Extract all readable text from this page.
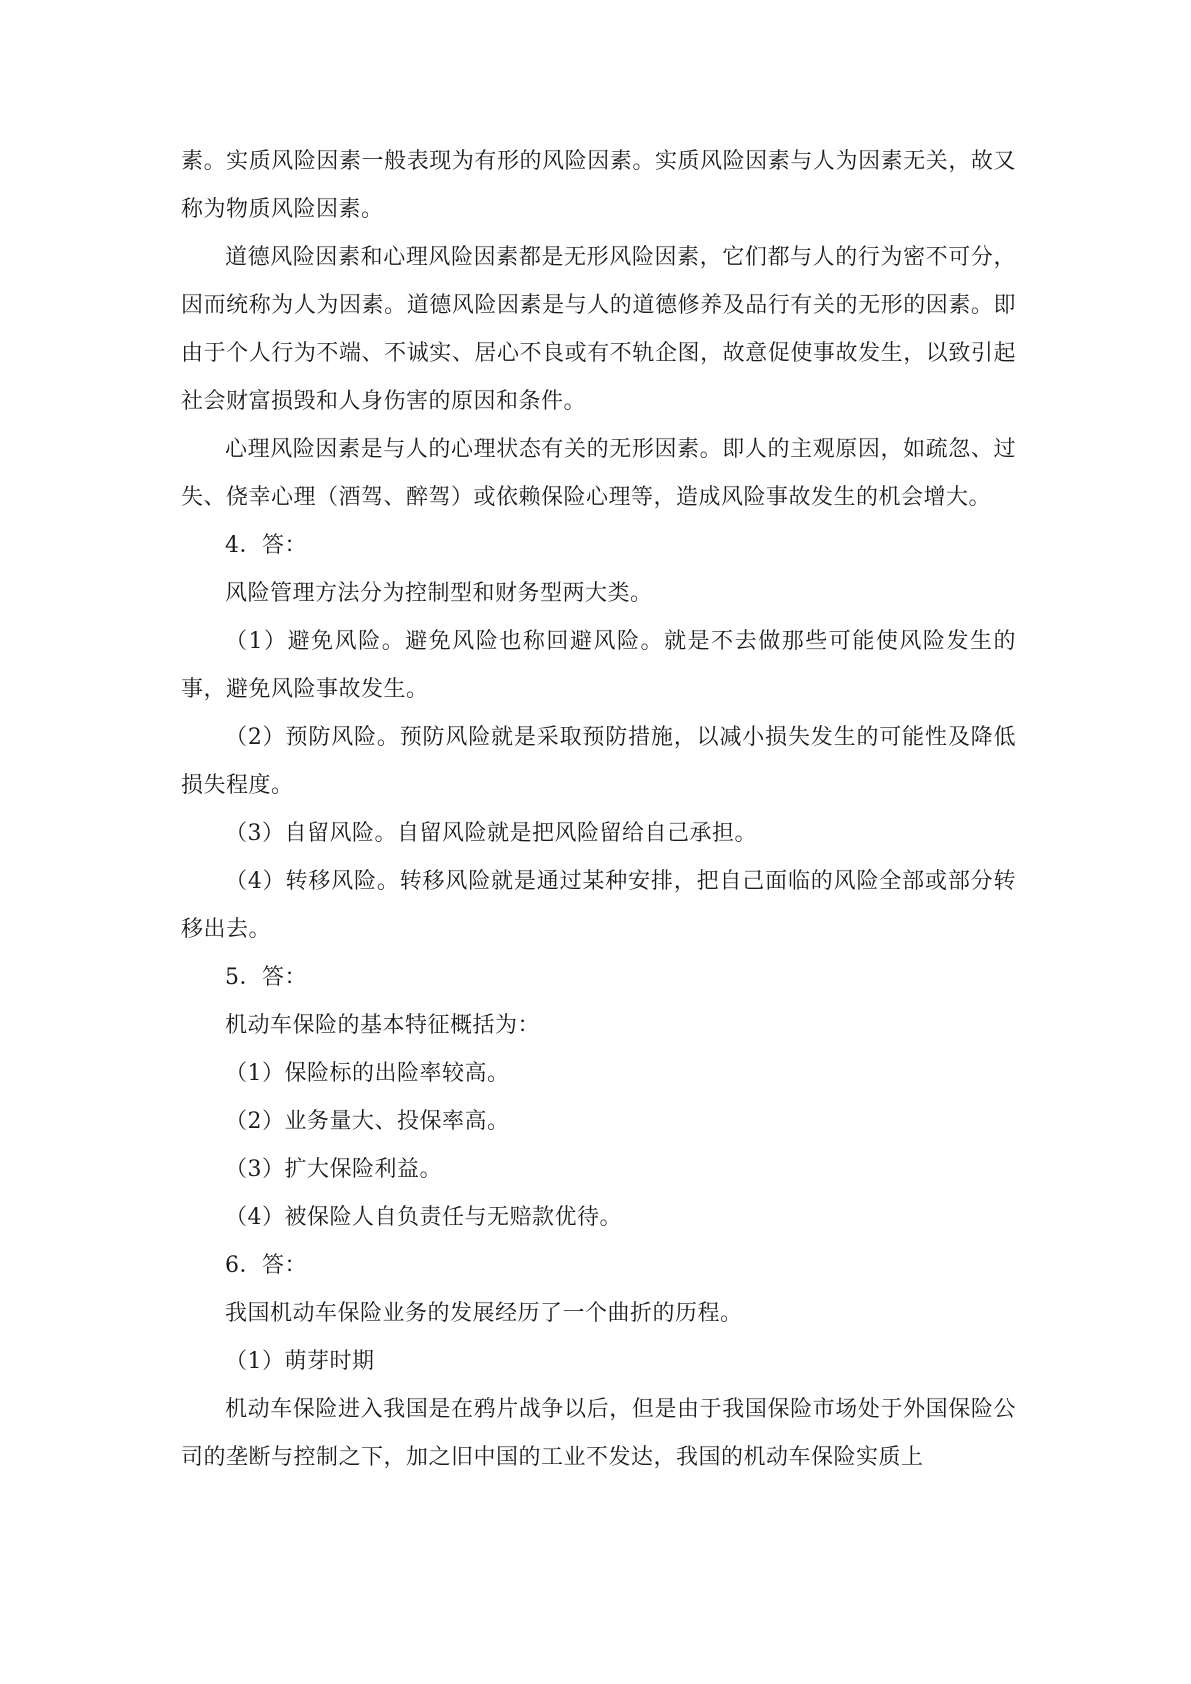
素。实质风险因素一般表现为有形的风险因素。实质风险因素与人为因素无关，故又称为物质风险因素。

道德风险因素和心理风险因素都是无形风险因素，它们都与人的行为密不可分，因而统称为人为因素。道德风险因素是与人的道德修养及品行有关的无形的因素。即由于个人行为不端、不诚实、居心不良或有不轨企图，故意促使事故发生，以致引起社会财富损毁和人身伤害的原因和条件。

心理风险因素是与人的心理状态有关的无形因素。即人的主观原因，如疏忽、过失、侥幸心理（酒驾、醉驾）或依赖保险心理等，造成风险事故发生的机会增大。

4．答：

风险管理方法分为控制型和财务型两大类。

（1）避免风险。避免风险也称回避风险。就是不去做那些可能使风险发生的事，避免风险事故发生。

（2）预防风险。预防风险就是采取预防措施，以减小损失发生的可能性及降低损失程度。

（3）自留风险。自留风险就是把风险留给自己承担。

（4）转移风险。转移风险就是通过某种安排，把自己面临的风险全部或部分转移出去。

5．答：

机动车保险的基本特征概括为：

（1）保险标的出险率较高。

（2）业务量大、投保率高。

（3）扩大保险利益。

（4）被保险人自负责任与无赔款优待。

6．答：

我国机动车保险业务的发展经历了一个曲折的历程。

（1）萌芽时期

机动车保险进入我国是在鸦片战争以后，但是由于我国保险市场处于外国保险公司的垄断与控制之下，加之旧中国的工业不发达，我国的机动车保险实质上
